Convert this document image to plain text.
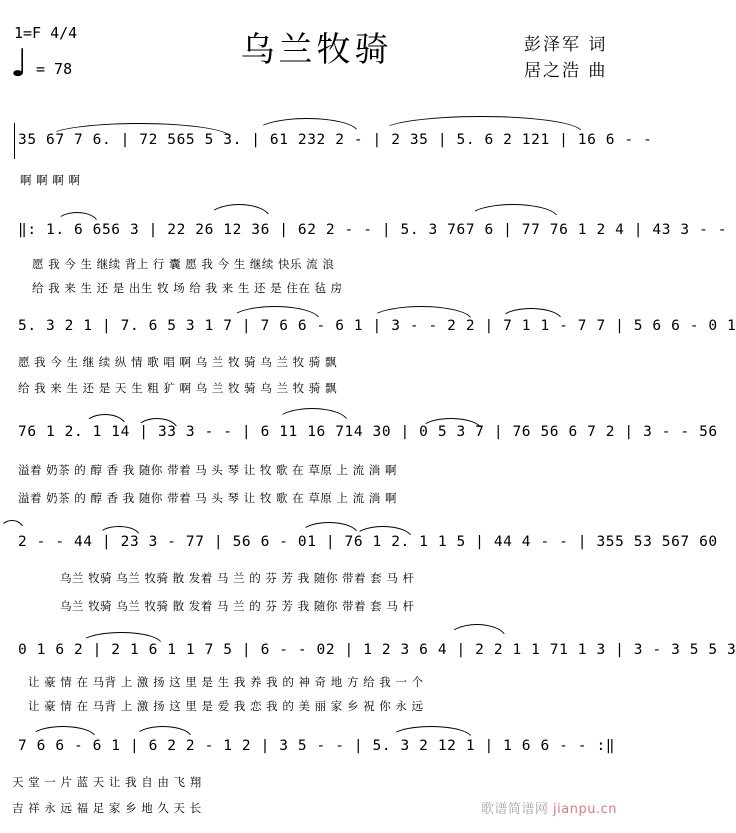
1=F 4/4
♩ = 78	乌兰牧骑	彭泽军 词
居之浩 曲
35 67 7 6. | 72 565 5 3. | 61 232 2 - | 2 35 | 5. 6 2 121 | 16 6 - -
啊 啊 啊 啊
‖: 1. 6 656 3 | 22 26 12 36 | 62 2 - - | 5. 3 767 6 | 77 76 1 2 4 | 43 3 - -
愿 我 今 生 继续 背上 行 囊 愿 我 今 生 继续 快乐 流 浪
给 我 来 生 还 是 出生 牧 场 给 我 来 生 还 是 住在 毡 房
5. 3 2 1 | 7. 6 5 3 1 7 | 7 6 6 - 6 1 | 3 - - 2 2 | 7 1 1 - 7 7 | 5 6 6 - 0 1
愿 我 今 生 继 续 纵 情 歌 唱 啊 乌 兰 牧 骑 乌 兰 牧 骑 飘
给 我 来 生 还 是 天 生 粗 犷 啊 乌 兰 牧 骑 乌 兰 牧 骑 飘
76 1 2. 1 14 | 33 3 - - | 6 11 16 714 30 | 0 5 3 7 | 76 56 6 7 2 | 3 - - 56
溢着 奶茶 的 醇 香 我 随你 带着 马 头 琴 让 牧 歌 在 草原 上 流 淌 啊
溢着 奶茶 的 醇 香 我 随你 带着 马 头 琴 让 牧 歌 在 草原 上 流 淌 啊
2 - - 44 | 23 3 - 77 | 56 6 - 01 | 76 1 2. 1 1 5 | 44 4 - - | 355 53 567 60
乌兰 牧骑 乌兰 牧骑 散 发着 马 兰 的 芬 芳 我 随你 带着 套 马 杆
乌兰 牧骑 乌兰 牧骑 散 发着 马 兰 的 芬 芳 我 随你 带着 套 马 杆
0 1 6 2 | 2 1 6 1 1 7 5 | 6 - - 02 | 1 2 3 6 4 | 2 2 1 1 71 1 3 | 3 - 3 5 5 3
让 豪 情 在 马背 上 激 扬 这 里 是 生 我 养 我 的 神 奇 地 方 给 我 一 个
让 豪 情 在 马背 上 激 扬 这 里 是 爱 我 恋 我 的 美 丽 家 乡 祝 你 永 远
7 6 6 - 6 1 | 6 2 2 - 1 2 | 3 5 - - | 5. 3 2 12 1 | 1 6 6 - - :‖
天 堂 一 片 蓝 天 让 我 自 由 飞 翔
吉 祥 永 远 福 足 家 乡 地 久 天 长	歌谱简谱网 jianpu.cn
